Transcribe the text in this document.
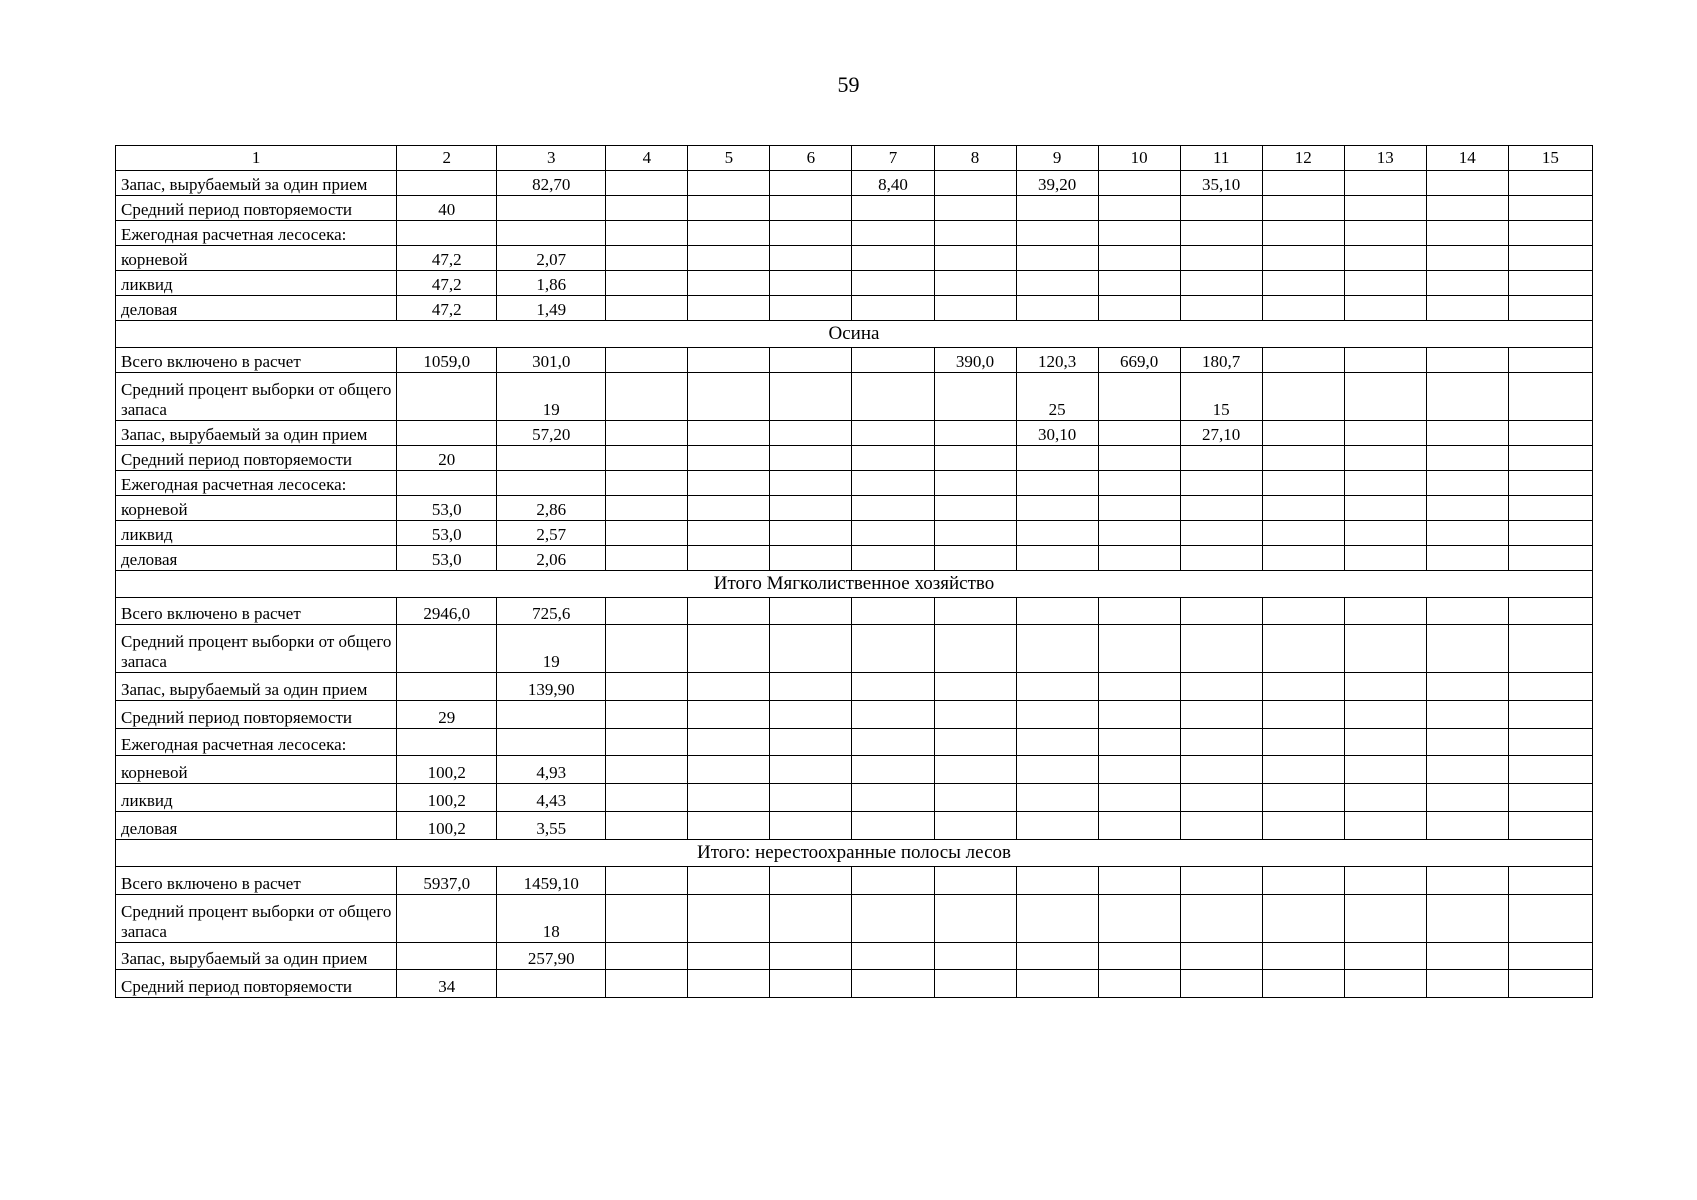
59
1	2	3	4	5	6	7	8	9	10	11	12	13	14	15
Запас, вырубаемый за один прием		82,70				8,40		39,20		35,10				
Средний период повторяемости	40													
Ежегодная расчетная лесосека:														
корневой	47,2	2,07												
ликвид	47,2	1,86												
деловая	47,2	1,49												
Осина														
Всего включено в расчет	1059,0	301,0					390,0	120,3	669,0	180,7				
Средний процент выборки от общего запаса		19						25		15				
Запас, вырубаемый за один прием		57,20						30,10		27,10				
Средний период повторяемости	20													
Ежегодная расчетная лесосека:														
корневой	53,0	2,86												
ликвид	53,0	2,57												
деловая	53,0	2,06												
Итого Мягколиственное хозяйство														
Всего включено в расчет	2946,0	725,6												
Средний процент выборки от общего запаса		19												
Запас, вырубаемый за один прием		139,90												
Средний период повторяемости	29													
Ежегодная расчетная лесосека:														
корневой	100,2	4,93												
ликвид	100,2	4,43												
деловая	100,2	3,55												
Итого: нерестоохранные полосы лесов														
Всего включено в расчет	5937,0	1459,10												
Средний процент выборки от общего запаса		18												
Запас, вырубаемый за один прием		257,90												
Средний период повторяемости	34													
